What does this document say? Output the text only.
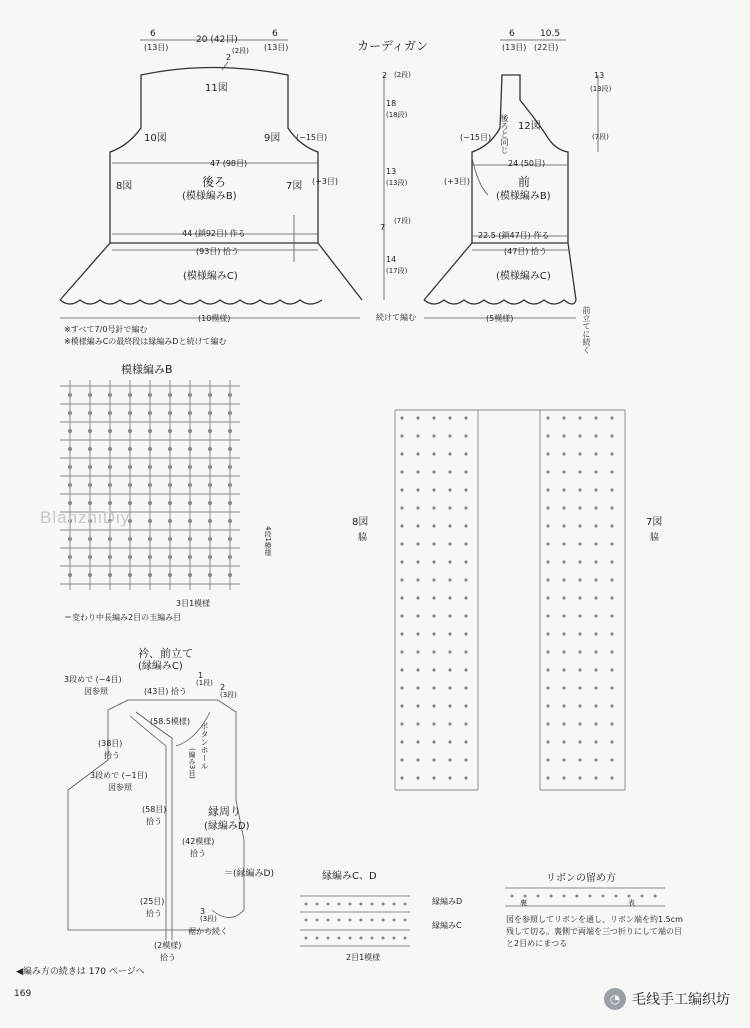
カーディガン
6
(13目)
20 (42目)
6
(13目)
2
(2段)
11図
10図	9図 (−15目)
47 (98目)
8図	後ろ
(模様編みB)
7図 (+3目)
44 (鎖92目) 作る
(93目) 拾う
(模様編みC)
(10模様)
2 (2段)
18
(18段)
13
(13段)
7
(7段)
14
(17段)
続けて編む
6
(13目)
10.5
(22目)
13
(13段)
(7段)
12図
後ろと同じ
(−15目)
24 (50目)
(+3目)	前
(模様編みB)
22.5 (鎖47目) 作る
(47目) 拾う
(模様編みC)
(5模様)	前立てに続く
※すべて7/0号針で編む
※模様編みCの最終段は縁編みDと続けて編む
模様編みB
BlanzhiDiy
4段1模様
3目1模様
＝変わり中長編み2目の玉編み目
8図
脇
7図
脇
衿、前立て
(縁編みC)
3段めで (−4目)
図参照	(43目) 拾う
1
(1段) 2
(3段)
(58.5模様)
(38目)
拾う	ボタンホール
(編み3目)
3段めで (−1目)
図参照
(58目)
拾う
縁周り
(縁編みD)
(42模様)
拾う
＝(縁編みD)
(25目)
拾う	3
(3段)
裾から続く
(2模様)
拾う
縁編みC、D
縁編みD
縁編みC
2目1模様
リボンの留め方
裏	表
図を参照してリボンを通し、リボン端を約1.5cm
残して切る。裏側で両端を三つ折りにして端の目
と2目めにまつる
◀編み方の続きは 170 ページへ
169	◔ 毛线手工编织坊
